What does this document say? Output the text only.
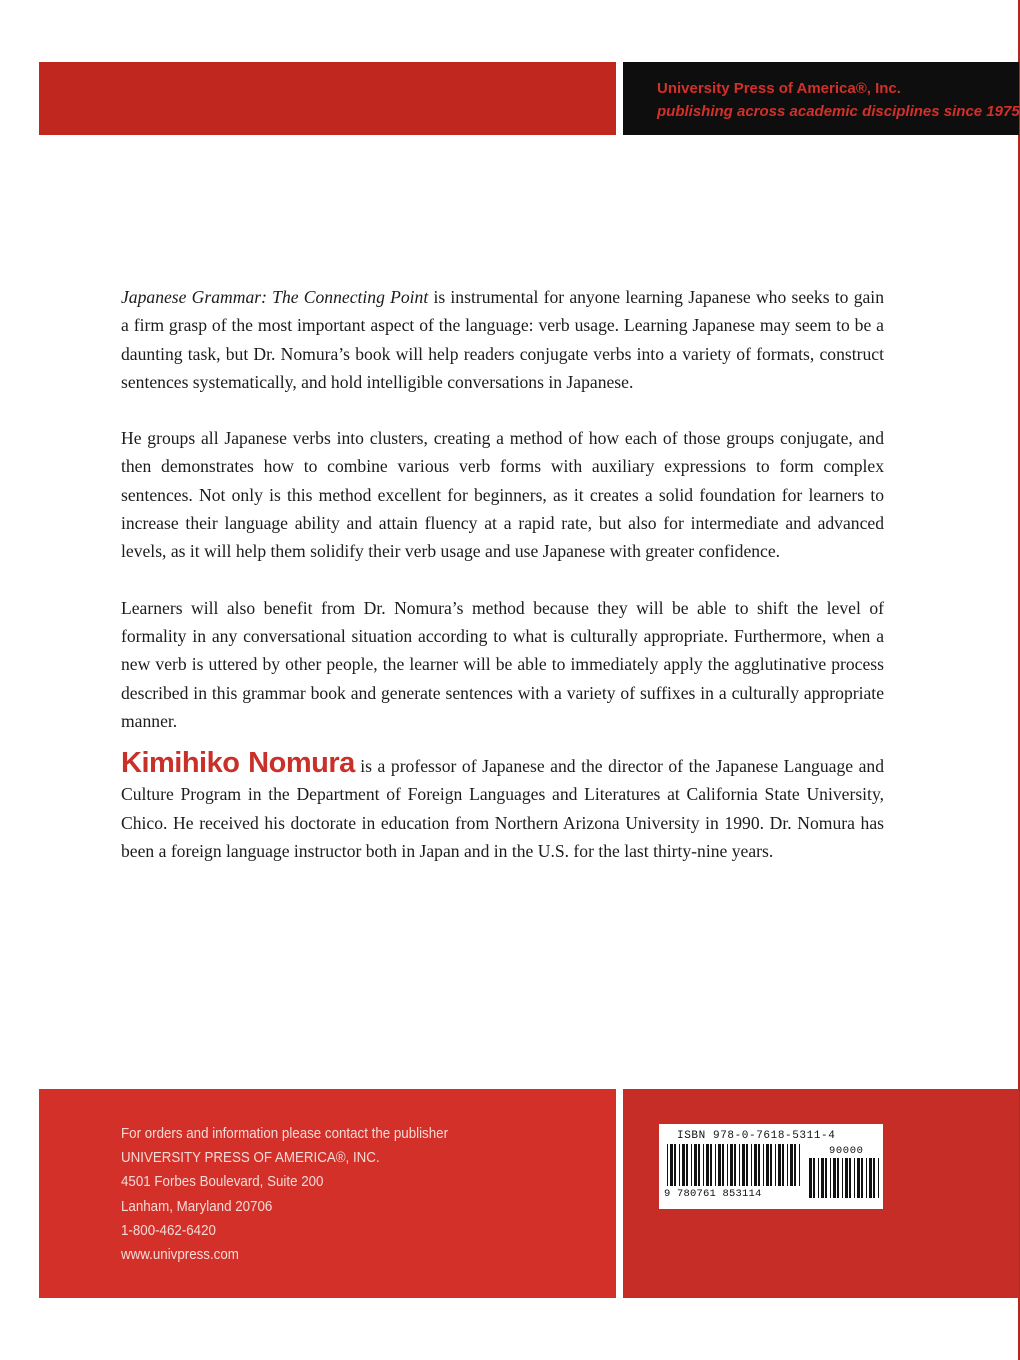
University Press of America®, Inc.
publishing across academic disciplines since 1975

Japanese Grammar: The Connecting Point is instrumental for anyone learning Japanese who seeks to gain a firm grasp of the most important aspect of the language: verb usage. Learning Japanese may seem to be a daunting task, but Dr. Nomura’s book will help readers conjugate verbs into a variety of formats, construct sentences systematically, and hold intelligible conversations in Japanese.

He groups all Japanese verbs into clusters, creating a method of how each of those groups conjugate, and then demonstrates how to combine various verb forms with auxiliary expressions to form complex sentences. Not only is this method excellent for beginners, as it creates a solid foundation for learners to increase their language ability and attain fluency at a rapid rate, but also for intermediate and advanced levels, as it will help them solidify their verb usage and use Japanese with greater confidence.

Learners will also benefit from Dr. Nomura’s method because they will be able to shift the level of formality in any conversational situation according to what is culturally appropriate. Furthermore, when a new verb is uttered by other people, the learner will be able to immediately apply the agglutinative process described in this grammar book and generate sentences with a variety of suffixes in a culturally appropriate manner.

Kimihiko Nomura is a professor of Japanese and the director of the Japanese Language and Culture Program in the Department of Foreign Languages and Literatures at California State University, Chico. He received his doctorate in education from Northern Arizona University in 1990. Dr. Nomura has been a foreign language instructor both in Japan and in the U.S. for the last thirty-nine years.

For orders and information please contact the publisher
UNIVERSITY PRESS OF AMERICA®, INC.
4501 Forbes Boulevard, Suite 200
Lanham, Maryland 20706
1-800-462-6420
www.univpress.com
ISBN 978-0-7618-5311-4
90000
9 780761 853114
